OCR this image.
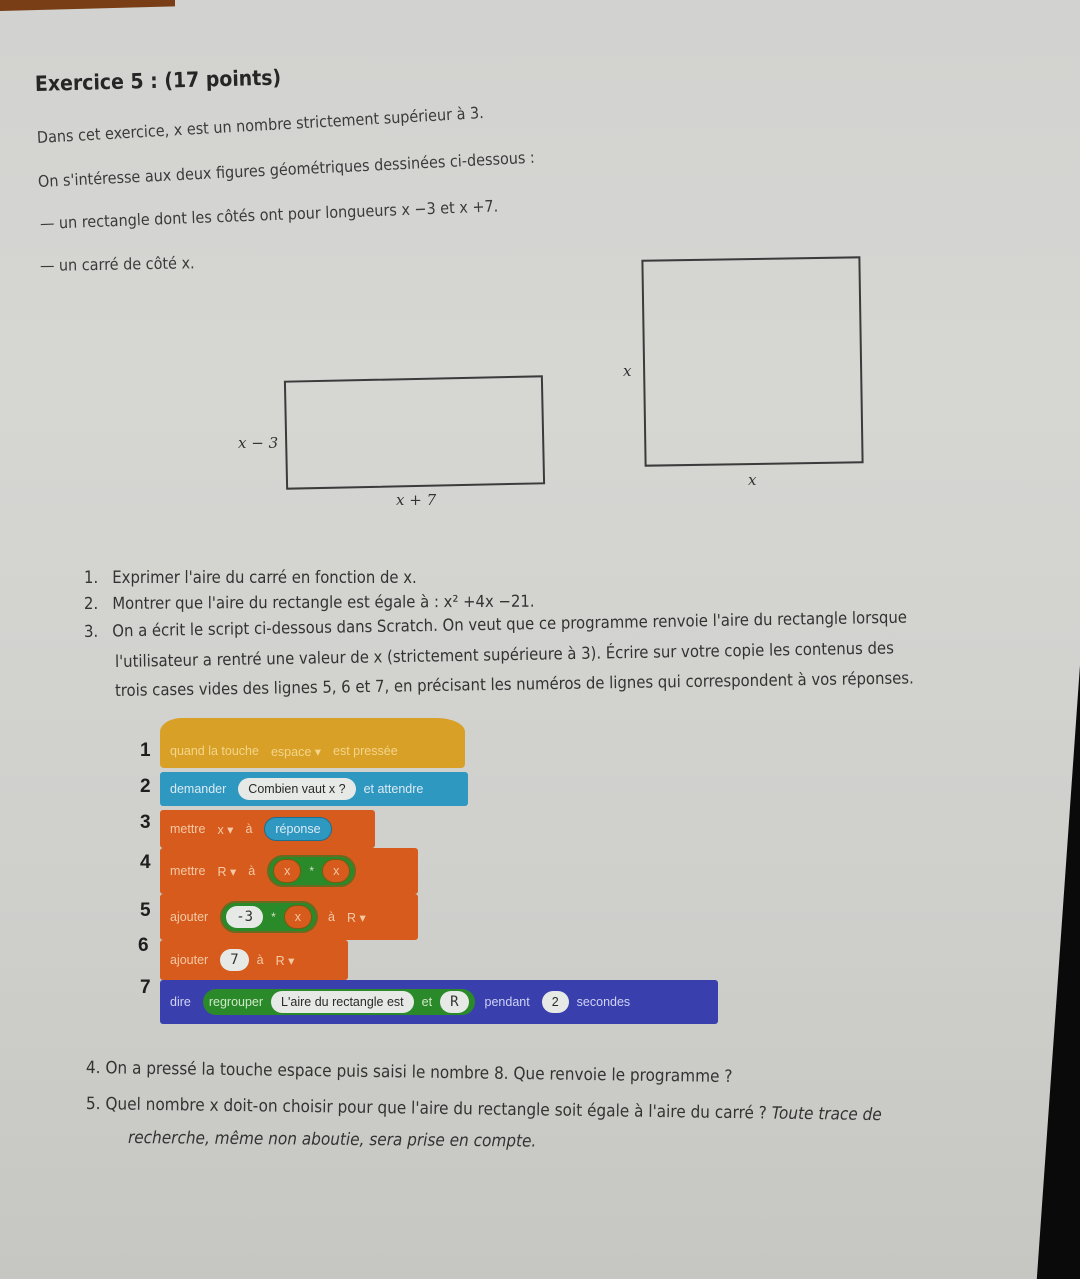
Exercice 5 : (17 points)
Dans cet exercice, x est un nombre strictement supérieur à 3.
On s'intéresse aux deux figures géométriques dessinées ci-dessous :
— un rectangle dont les côtés ont pour longueurs x −3 et x +7.
— un carré de côté x.
x − 3
x + 7
x
x
1. Exprimer l'aire du carré en fonction de x.
2. Montrer que l'aire du rectangle est égale à : x² +4x −21.
3. On a écrit le script ci-dessous dans Scratch. On veut que ce programme renvoie l'aire du rectangle lorsque
l'utilisateur a rentré une valeur de x (strictement supérieure à 3). Écrire sur votre copie les contenus des
trois cases vides des lignes 5, 6 et 7, en précisant les numéros de lignes qui correspondent à vos réponses.
1
2
3
4
5
6
7
quand la touche espace ▾ est pressée
demander	Combien vaut x ?	et attendre
mettre x ▾ à	réponse
mettre R ▾ à	x	*	x
ajouter	-3	*	x	à R ▾
ajouter	7	à R ▾
dire regrouper	L'aire du rectangle est	et	R	pendant	2	secondes
4. On a pressé la touche espace puis saisi le nombre 8. Que renvoie le programme ?
5. Quel nombre x doit-on choisir pour que l'aire du rectangle soit égale à l'aire du carré ? Toute trace de
recherche, même non aboutie, sera prise en compte.
